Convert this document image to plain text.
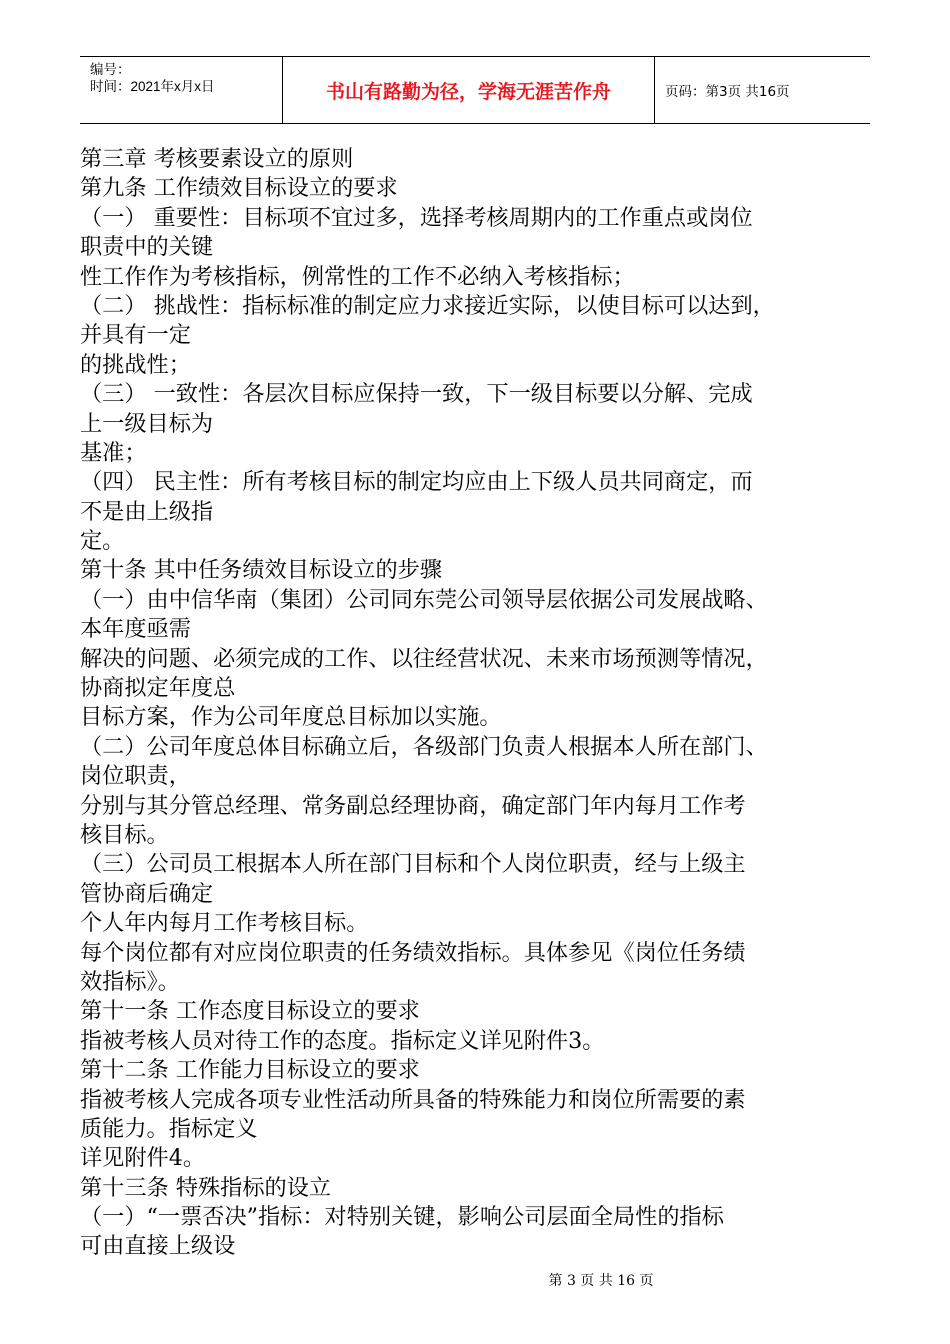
编号：
时间：2021年x月x日	书山有路勤为径，学海无涯苦作舟	页码：第3页 共16页
第三章 考核要素设立的原则
第九条 工作绩效目标设立的要求
（一） 重要性：目标项不宜过多，选择考核周期内的工作重点或岗位
职责中的关键
性工作作为考核指标，例常性的工作不必纳入考核指标；
（二） 挑战性：指标标准的制定应力求接近实际，以使目标可以达到，
并具有一定
的挑战性；
（三） 一致性：各层次目标应保持一致，下一级目标要以分解、完成
上一级目标为
基准；
（四） 民主性：所有考核目标的制定均应由上下级人员共同商定，而
不是由上级指
定。
第十条 其中任务绩效目标设立的步骤
（一）由中信华南（集团）公司同东莞公司领导层依据公司发展战略、
本年度亟需
解决的问题、必须完成的工作、以往经营状况、未来市场预测等情况，
协商拟定年度总
目标方案，作为公司年度总目标加以实施。
（二）公司年度总体目标确立后，各级部门负责人根据本人所在部门、
岗位职责，
分别与其分管总经理、常务副总经理协商，确定部门年内每月工作考
核目标。
（三）公司员工根据本人所在部门目标和个人岗位职责，经与上级主
管协商后确定
个人年内每月工作考核目标。
每个岗位都有对应岗位职责的任务绩效指标。具体参见《岗位任务绩
效指标》。
第十一条 工作态度目标设立的要求
指被考核人员对待工作的态度。指标定义详见附件3。
第十二条 工作能力目标设立的要求
指被考核人完成各项专业性活动所具备的特殊能力和岗位所需要的素
质能力。指标定义
详见附件4。
第十三条 特殊指标的设立
（一）“一票否决”指标：对特别关键，影响公司层面全局性的指标
可由直接上级设
第 3 页 共 16 页
